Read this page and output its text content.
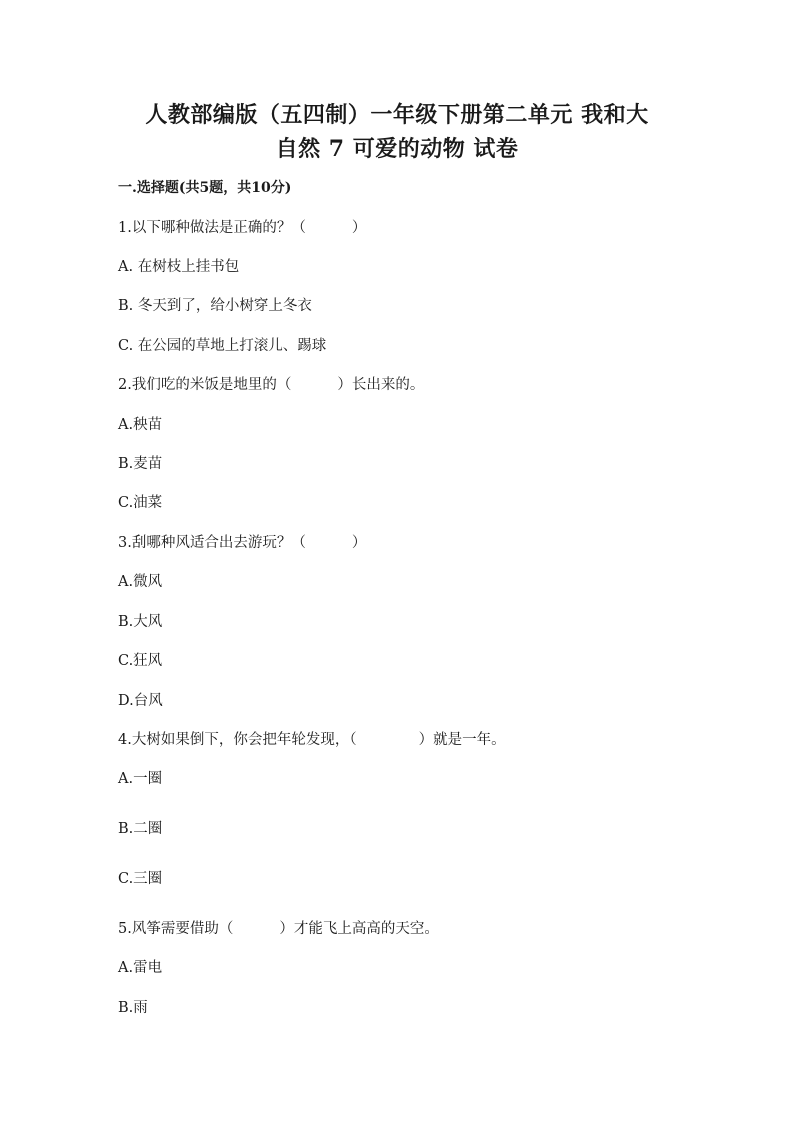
人教部编版（五四制）一年级下册第二单元 我和大
自然 7 可爱的动物 试卷
一.选择题(共5题，共10分)
1.以下哪种做法是正确的？（	）
A. 在树枝上挂书包
B. 冬天到了，给小树穿上冬衣
C. 在公园的草地上打滚儿、踢球
2.我们吃的米饭是地里的（	）长出来的。
A.秧苗
B.麦苗
C.油菜
3.刮哪种风适合出去游玩？（	）
A.微风
B.大风
C.狂风
D.台风
4.大树如果倒下，你会把年轮发现，（	）就是一年。
A.一圈
B.二圈
C.三圈
5.风筝需要借助（	）才能飞上高高的天空。
A.雷电
B.雨
